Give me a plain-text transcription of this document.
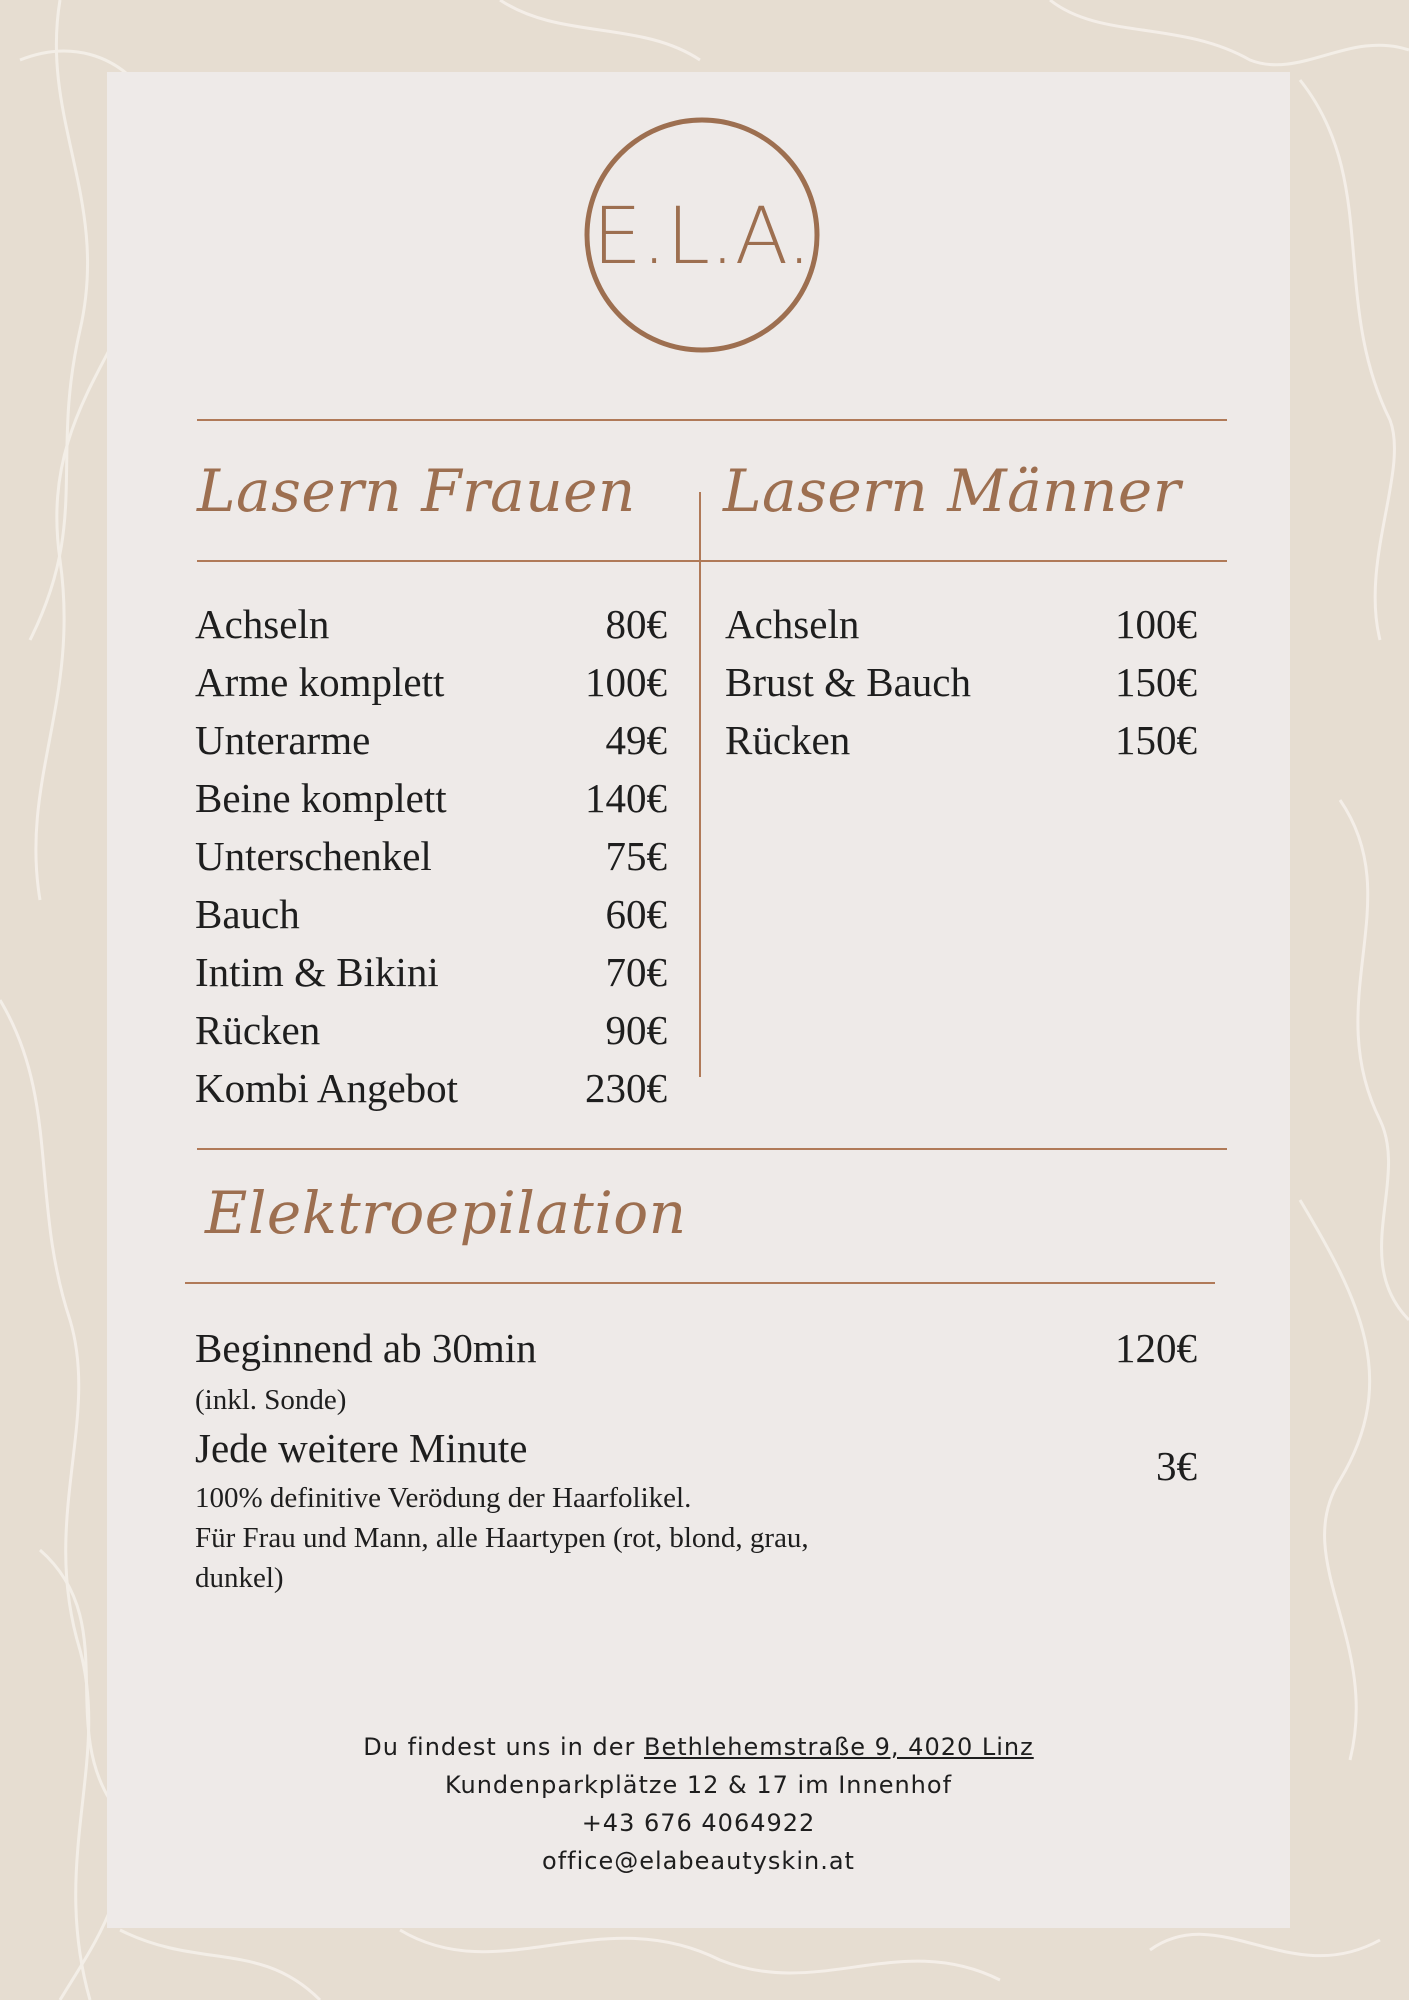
E.L.A.
Lasern Frauen Lasern Männer
Achseln	80€
Arme komplett	100€
Unterarme	49€
Beine komplett	140€
Unterschenkel	75€
Bauch	60€
Intim & Bikini	70€
Rücken	90€
Kombi Angebot	230€
Achseln	100€
Brust & Bauch	150€
Rücken	150€
Elektroepilation
Beginnend ab 30min	120€
(inkl. Sonde)
Jede weitere Minute	3€
100% definitive Verödung der Haarfolikel.
Für Frau und Mann, alle Haartypen (rot, blond, grau,
dunkel)
Du findest uns in der Bethlehemstraße 9, 4020 Linz
Kundenparkplätze 12 & 17 im Innenhof
+43 676 4064922
office@elabeautyskin.at
